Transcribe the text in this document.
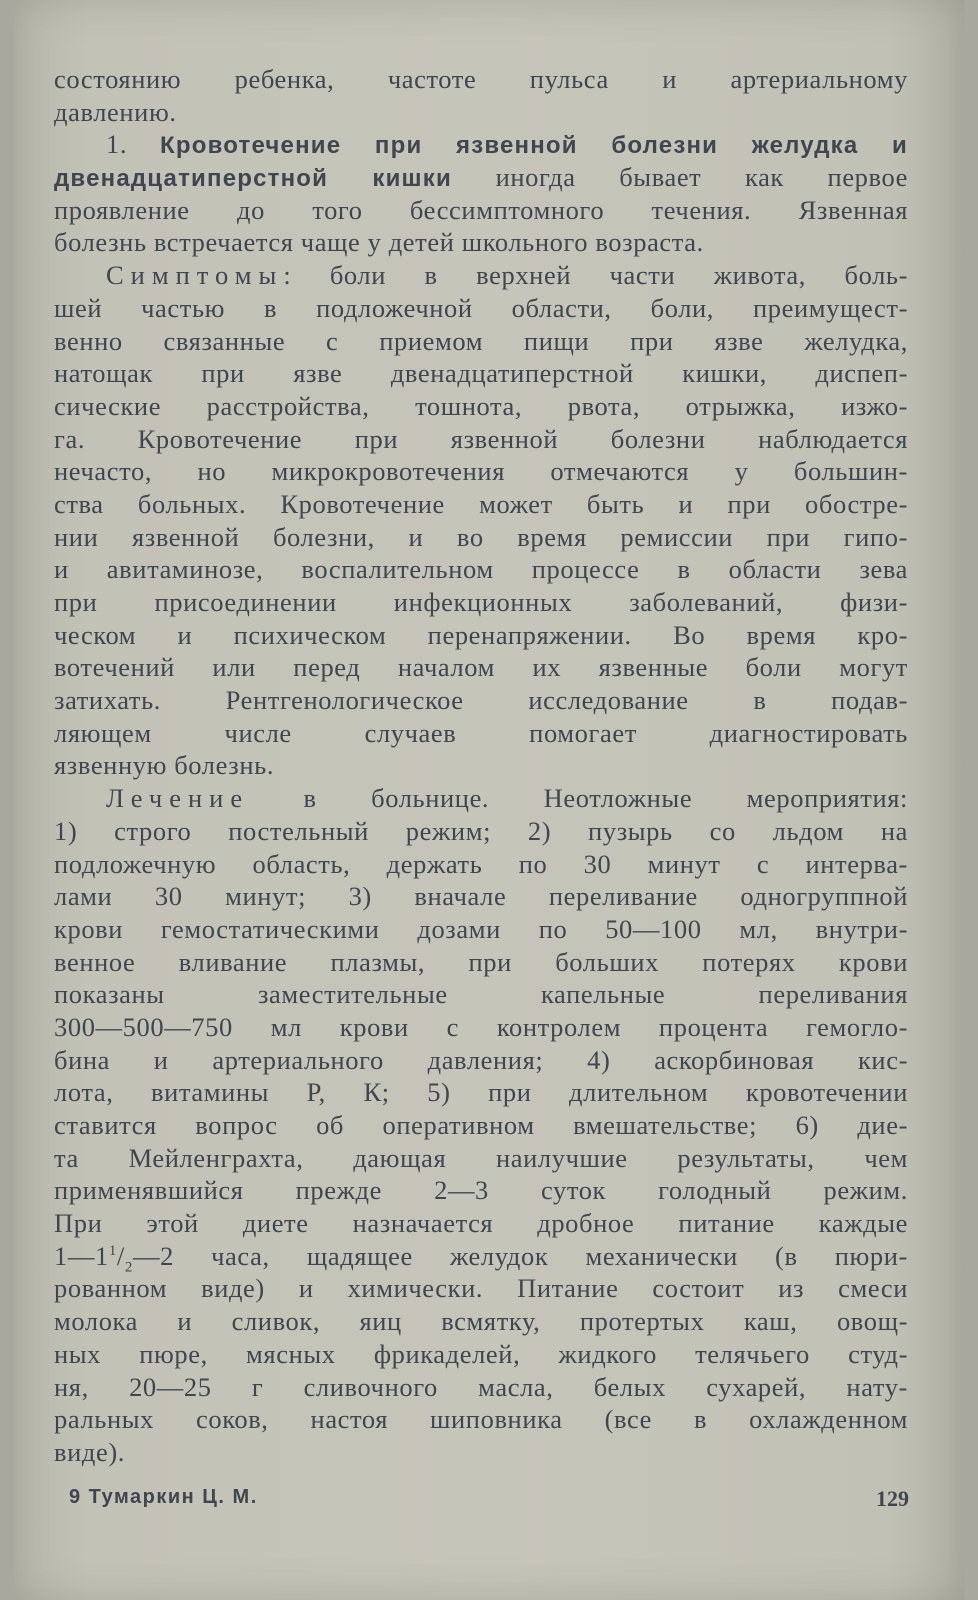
состоянию ребенка, частоте пульса и артериальному
давлению.
1. Кровотечение при язвенной болезни желудка и
двенадцатиперстной кишки иногда бывает как первое
проявление до того бессимптомного течения. Язвенная
болезнь встречается чаще у детей школьного возраста.
Симптомы: боли в верхней части живота, боль-
шей частью в подложечной области, боли, преимущест-
венно связанные с приемом пищи при язве желудка,
натощак при язве двенадцатиперстной кишки, диспеп-
сические расстройства, тошнота, рвота, отрыжка, изжо-
га. Кровотечение при язвенной болезни наблюдается
нечасто, но микрокровотечения отмечаются у большин-
ства больных. Кровотечение может быть и при обостре-
нии язвенной болезни, и во время ремиссии при гипо-
и авитаминозе, воспалительном процессе в области зева
при присоединении инфекционных заболеваний, физи-
ческом и психическом перенапряжении. Во время кро-
вотечений или перед началом их язвенные боли могут
затихать. Рентгенологическое исследование в подав-
ляющем числе случаев помогает диагностировать
язвенную болезнь.
Лечение в больнице. Неотложные мероприятия:
1) строго постельный режим; 2) пузырь со льдом на
подложечную область, держать по 30 минут с интерва-
лами 30 минут; 3) вначале переливание одногруппной
крови гемостатическими дозами по 50—100 мл, внутри-
венное вливание плазмы, при больших потерях крови
показаны заместительные капельные переливания
300—500—750 мл крови с контролем процента гемогло-
бина и артериального давления; 4) аскорбиновая кис-
лота, витамины Р, К; 5) при длительном кровотечении
ставится вопрос об оперативном вмешательстве; 6) дие-
та Мейленграхта, дающая наилучшие результаты, чем
применявшийся прежде 2—3 суток голодный режим.
При этой диете назначается дробное питание каждые
$1—1^1/_2—2$ часа, щадящее желудок механически (в пюри-
рованном виде) и химически. Питание состоит из смеси
молока и сливок, яиц всмятку, протертых каш, овощ-
ных пюре, мясных фрикаделей, жидкого телячьего студ-
ня, 20—25 г сливочного масла, белых сухарей, нату-
ральных соков, настоя шиповника (все в охлажденном
виде).
9 Тумаркин Ц. М.	129
